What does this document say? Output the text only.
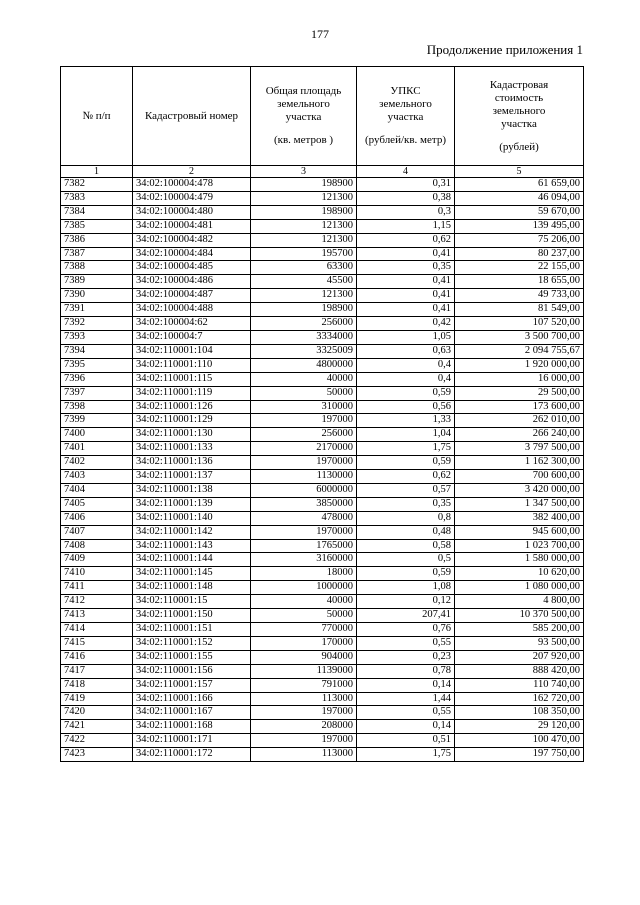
177
Продолжение приложения 1
№ п/п	Кадастровый номер	Общая площадь
земельного
участка
(кв. метров )	УПКС
земельного
участка
(рублей/кв. метр)	Кадастровая
стоимость
земельного
участка
(рублей)

1	2	3	4	5
7382	34:02:100004:478	198900	0,31	61 659,00
7383	34:02:100004:479	121300	0,38	46 094,00
7384	34:02:100004:480	198900	0,3	59 670,00
7385	34:02:100004:481	121300	1,15	139 495,00
7386	34:02:100004:482	121300	0,62	75 206,00
7387	34:02:100004:484	195700	0,41	80 237,00
7388	34:02:100004:485	63300	0,35	22 155,00
7389	34:02:100004:486	45500	0,41	18 655,00
7390	34:02:100004:487	121300	0,41	49 733,00
7391	34:02:100004:488	198900	0,41	81 549,00
7392	34:02:100004:62	256000	0,42	107 520,00
7393	34:02:100004:7	3334000	1,05	3 500 700,00
7394	34:02:110001:104	3325009	0,63	2 094 755,67
7395	34:02:110001:110	4800000	0,4	1 920 000,00
7396	34:02:110001:115	40000	0,4	16 000,00
7397	34:02:110001:119	50000	0,59	29 500,00
7398	34:02:110001:126	310000	0,56	173 600,00
7399	34:02:110001:129	197000	1,33	262 010,00
7400	34:02:110001:130	256000	1,04	266 240,00
7401	34:02:110001:133	2170000	1,75	3 797 500,00
7402	34:02:110001:136	1970000	0,59	1 162 300,00
7403	34:02:110001:137	1130000	0,62	700 600,00
7404	34:02:110001:138	6000000	0,57	3 420 000,00
7405	34:02:110001:139	3850000	0,35	1 347 500,00
7406	34:02:110001:140	478000	0,8	382 400,00
7407	34:02:110001:142	1970000	0,48	945 600,00
7408	34:02:110001:143	1765000	0,58	1 023 700,00
7409	34:02:110001:144	3160000	0,5	1 580 000,00
7410	34:02:110001:145	18000	0,59	10 620,00
7411	34:02:110001:148	1000000	1,08	1 080 000,00
7412	34:02:110001:15	40000	0,12	4 800,00
7413	34:02:110001:150	50000	207,41	10 370 500,00
7414	34:02:110001:151	770000	0,76	585 200,00
7415	34:02:110001:152	170000	0,55	93 500,00
7416	34:02:110001:155	904000	0,23	207 920,00
7417	34:02:110001:156	1139000	0,78	888 420,00
7418	34:02:110001:157	791000	0,14	110 740,00
7419	34:02:110001:166	113000	1,44	162 720,00
7420	34:02:110001:167	197000	0,55	108 350,00
7421	34:02:110001:168	208000	0,14	29 120,00
7422	34:02:110001:171	197000	0,51	100 470,00
7423	34:02:110001:172	113000	1,75	197 750,00
